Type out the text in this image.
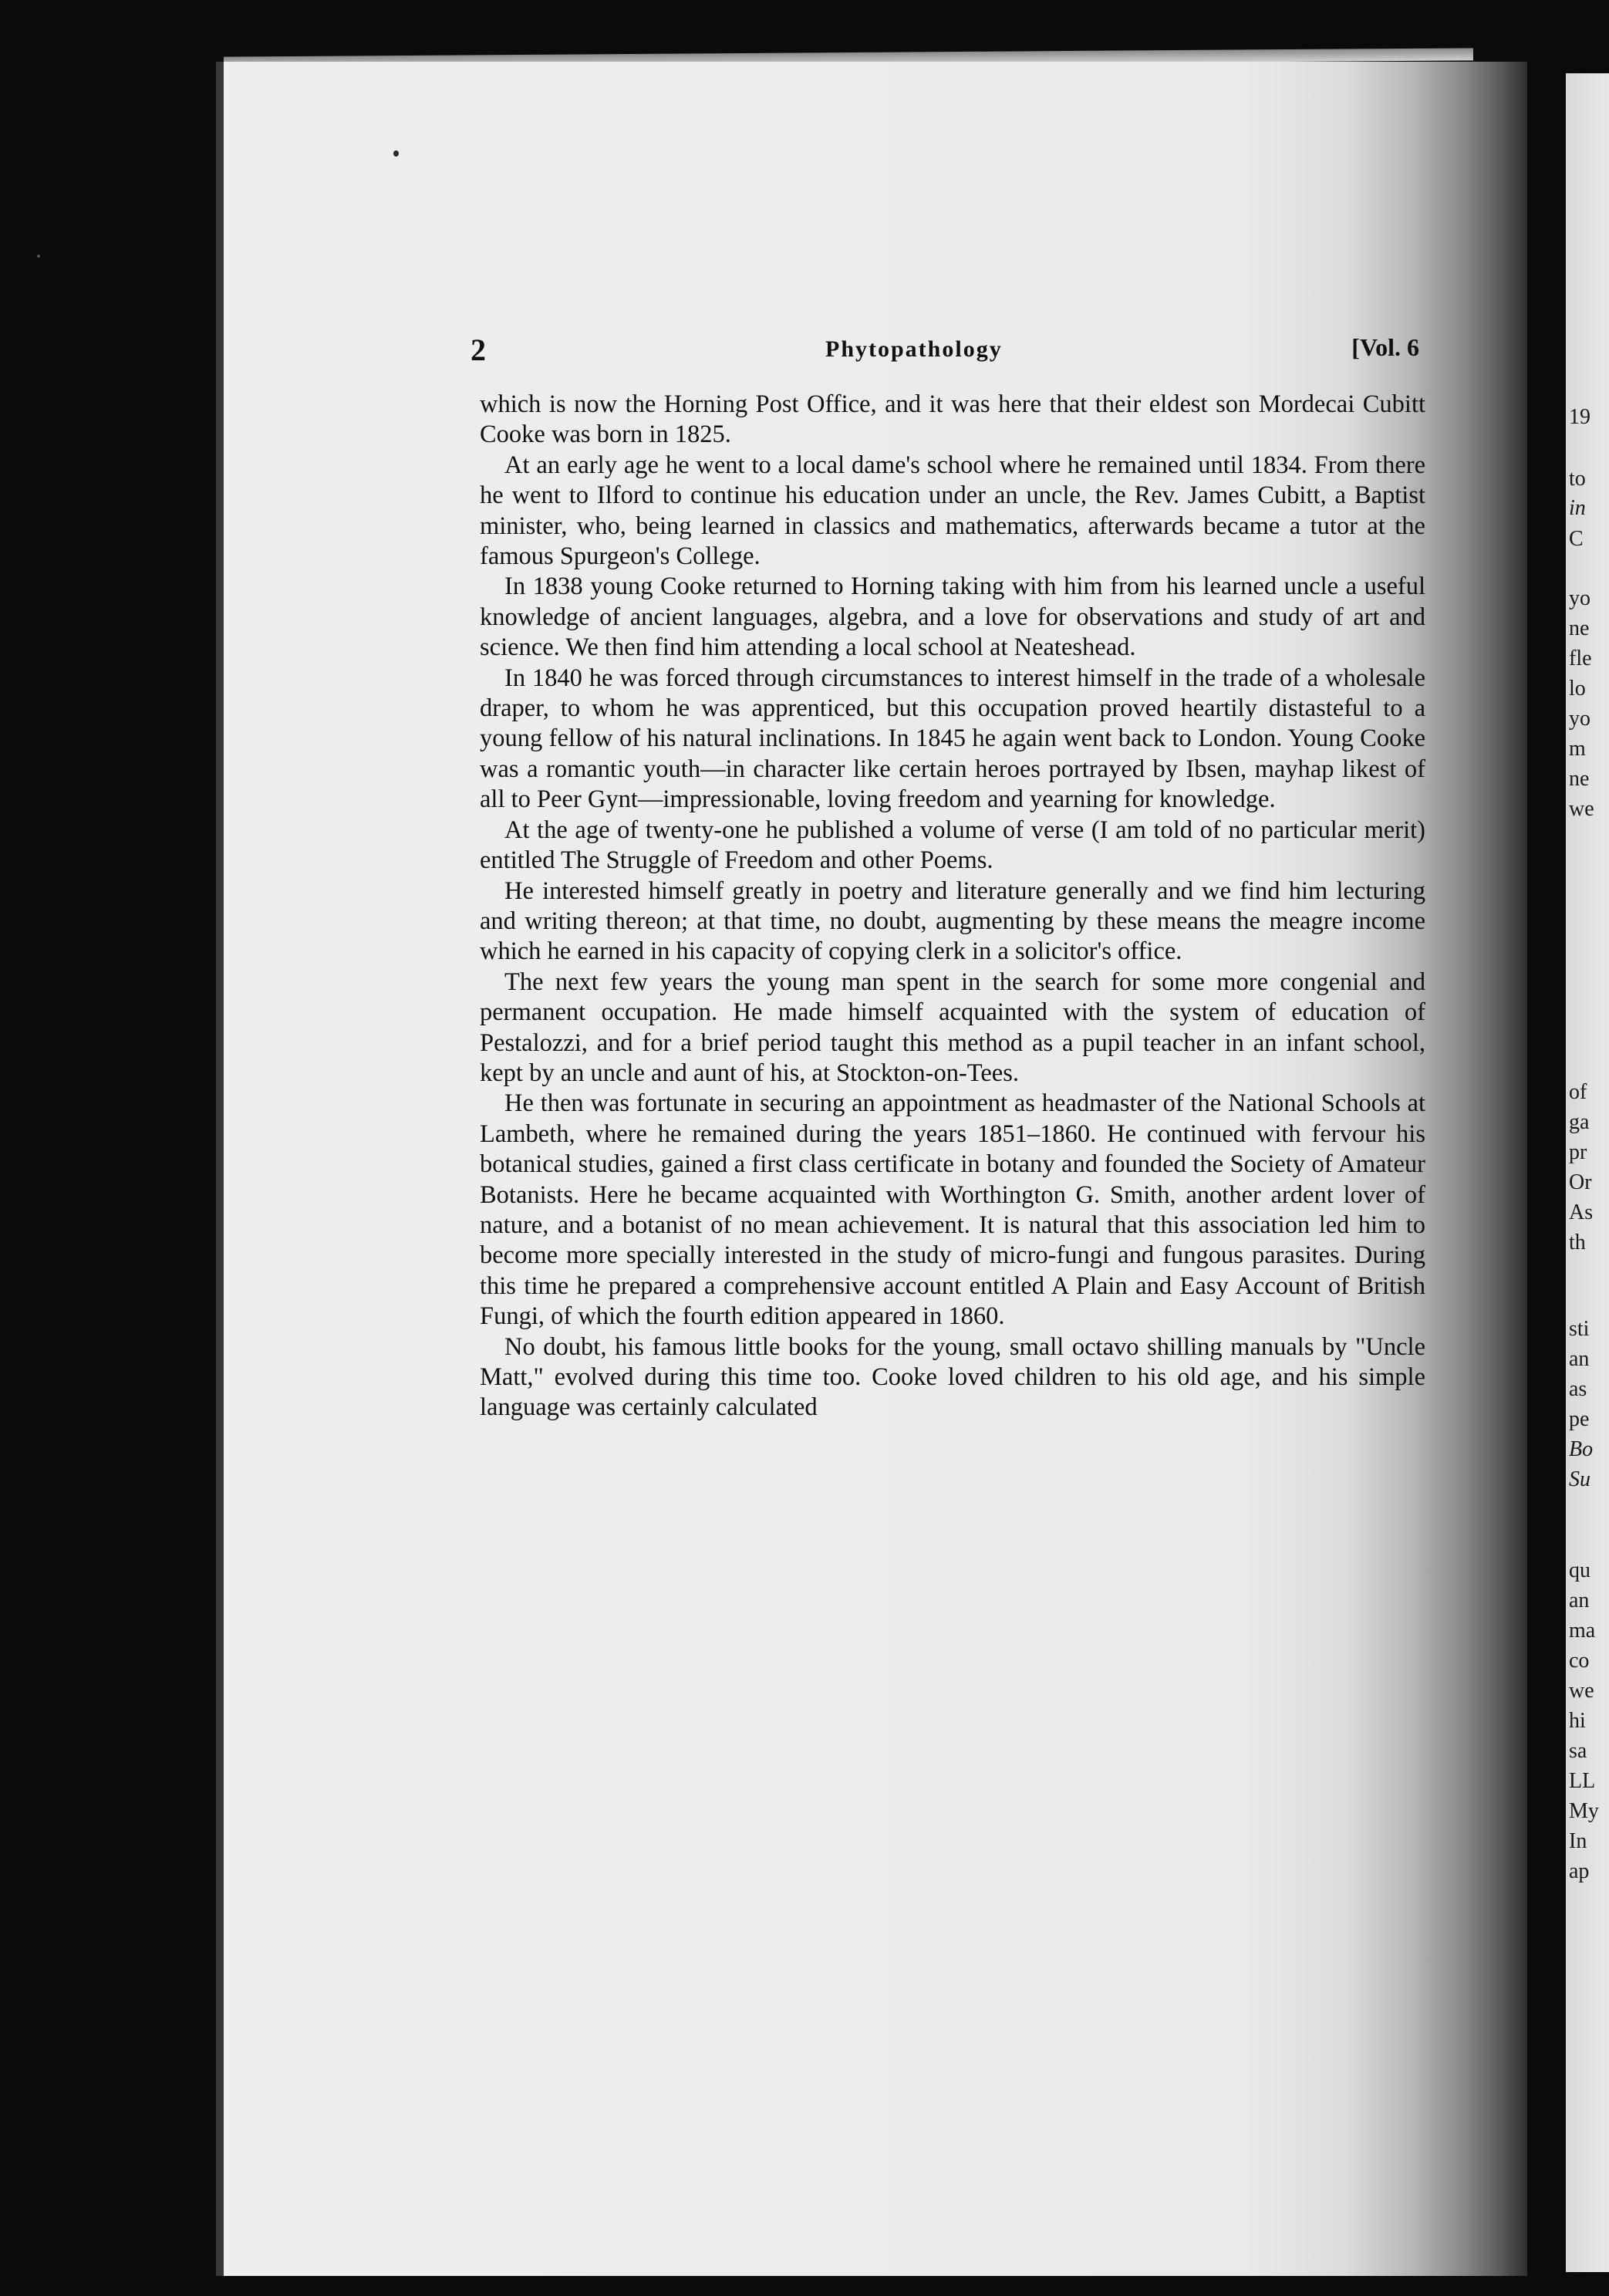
19
to
in
C
yo
ne
fle
lo
yo
m
ne
we
of
ga
pr
Or
As
th
sti
an
as
pe
Bo
Su
qu
an
ma
co
we
hi
sa
LL
My
In
ap
2	Phytopathology	[Vol. 6

which is now the Horning Post Office, and it was here that their eldest son Mordecai Cubitt Cooke was born in 1825.

At an early age he went to a local dame's school where he remained until 1834. From there he went to Ilford to continue his education under an uncle, the Rev. James Cubitt, a Baptist minister, who, being learned in classics and mathematics, afterwards became a tutor at the famous Spurgeon's College.

In 1838 young Cooke returned to Horning taking with him from his learned uncle a useful knowledge of ancient languages, algebra, and a love for observations and study of art and science. We then find him attending a local school at Neateshead.

In 1840 he was forced through circumstances to interest himself in the trade of a wholesale draper, to whom he was apprenticed, but this occupation proved heartily distasteful to a young fellow of his natural inclinations. In 1845 he again went back to London. Young Cooke was a romantic youth—in character like certain heroes portrayed by Ibsen, mayhap likest of all to Peer Gynt—impressionable, loving freedom and yearning for knowledge.

At the age of twenty-one he published a volume of verse (I am told of no particular merit) entitled The Struggle of Freedom and other Poems.

He interested himself greatly in poetry and literature generally and we find him lecturing and writing thereon; at that time, no doubt, augmenting by these means the meagre income which he earned in his capacity of copying clerk in a solicitor's office.

The next few years the young man spent in the search for some more congenial and permanent occupation. He made himself acquainted with the system of education of Pestalozzi, and for a brief period taught this method as a pupil teacher in an infant school, kept by an uncle and aunt of his, at Stockton-on-Tees.

He then was fortunate in securing an appointment as headmaster of the National Schools at Lambeth, where he remained during the years 1851–1860. He continued with fervour his botanical studies, gained a first class certificate in botany and founded the Society of Amateur Botanists. Here he became acquainted with Worthington G. Smith, another ardent lover of nature, and a botanist of no mean achievement. It is natural that this association led him to become more specially interested in the study of micro-fungi and fungous parasites. During this time he prepared a comprehensive account entitled A Plain and Easy Account of British Fungi, of which the fourth edition appeared in 1860.

No doubt, his famous little books for the young, small octavo shilling manuals by "Uncle Matt," evolved during this time too. Cooke loved children to his old age, and his simple language was certainly calculated
